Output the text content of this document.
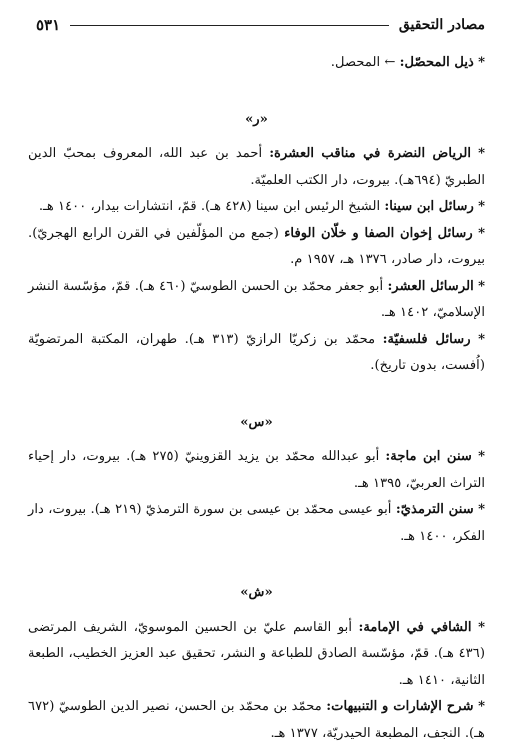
٥٣١	مصادر التحقيق

* ذيل المحصّل: ← المحصل.

«ر»

* الرياض النضرة في مناقب العشرة: أحمد بن عبد الله، المعروف بمحبّ الدين الطبريّ (٦٩٤هـ). بيروت، دار الكتب العلميّة.

* رسائل ابن سينا: الشيخ الرئيس ابن سينا (٤٢٨ هـ). قمّ، انتشارات بيدار، ١٤٠٠ هـ.

* رسائل إخوان الصفا و خلّان الوفاء (جمع من المؤلّفين في القرن الرابع الهجريّ). بيروت، دار صادر، ١٣٧٦ هـ، ١٩٥٧ م.

* الرسائل العشر: أبو جعفر محمّد بن الحسن الطوسيّ (٤٦٠ هـ). قمّ، مؤسّسة النشر الإسلاميّ، ١٤٠٢ هـ.

* رسائل فلسفيّة: محمّد بن زكريّا الرازيّ (٣١٣ هـ). طهران، المكتبة المرتضويّة (اُفست، بدون تاريخ).

«س»

* سنن ابن ماجة: أبو عبدالله محمّد بن يزيد القزوينيّ (٢٧٥ هـ). بيروت، دار إحياء التراث العربيّ، ١٣٩٥ هـ.

* سنن الترمذيّ: أبو عيسى محمّد بن عيسى بن سورة الترمذيّ (٢١٩ هـ). بيروت، دار الفكر، ١٤٠٠ هـ.

«ش»

* الشافي في الإمامة: أبو القاسم عليّ بن الحسين الموسويّ، الشريف المرتضى (٤٣٦ هـ). قمّ، مؤسّسة الصادق للطباعة و النشر، تحقيق عبد العزيز الخطيب، الطبعة الثانية، ١٤١٠ هـ.

* شرح الإشارات و التنبيهات: محمّد بن محمّد بن الحسن، نصير الدين الطوسيّ (٦٧٢ هـ). النجف، المطبعة الحيدريّة، ١٣٧٧ هـ.
